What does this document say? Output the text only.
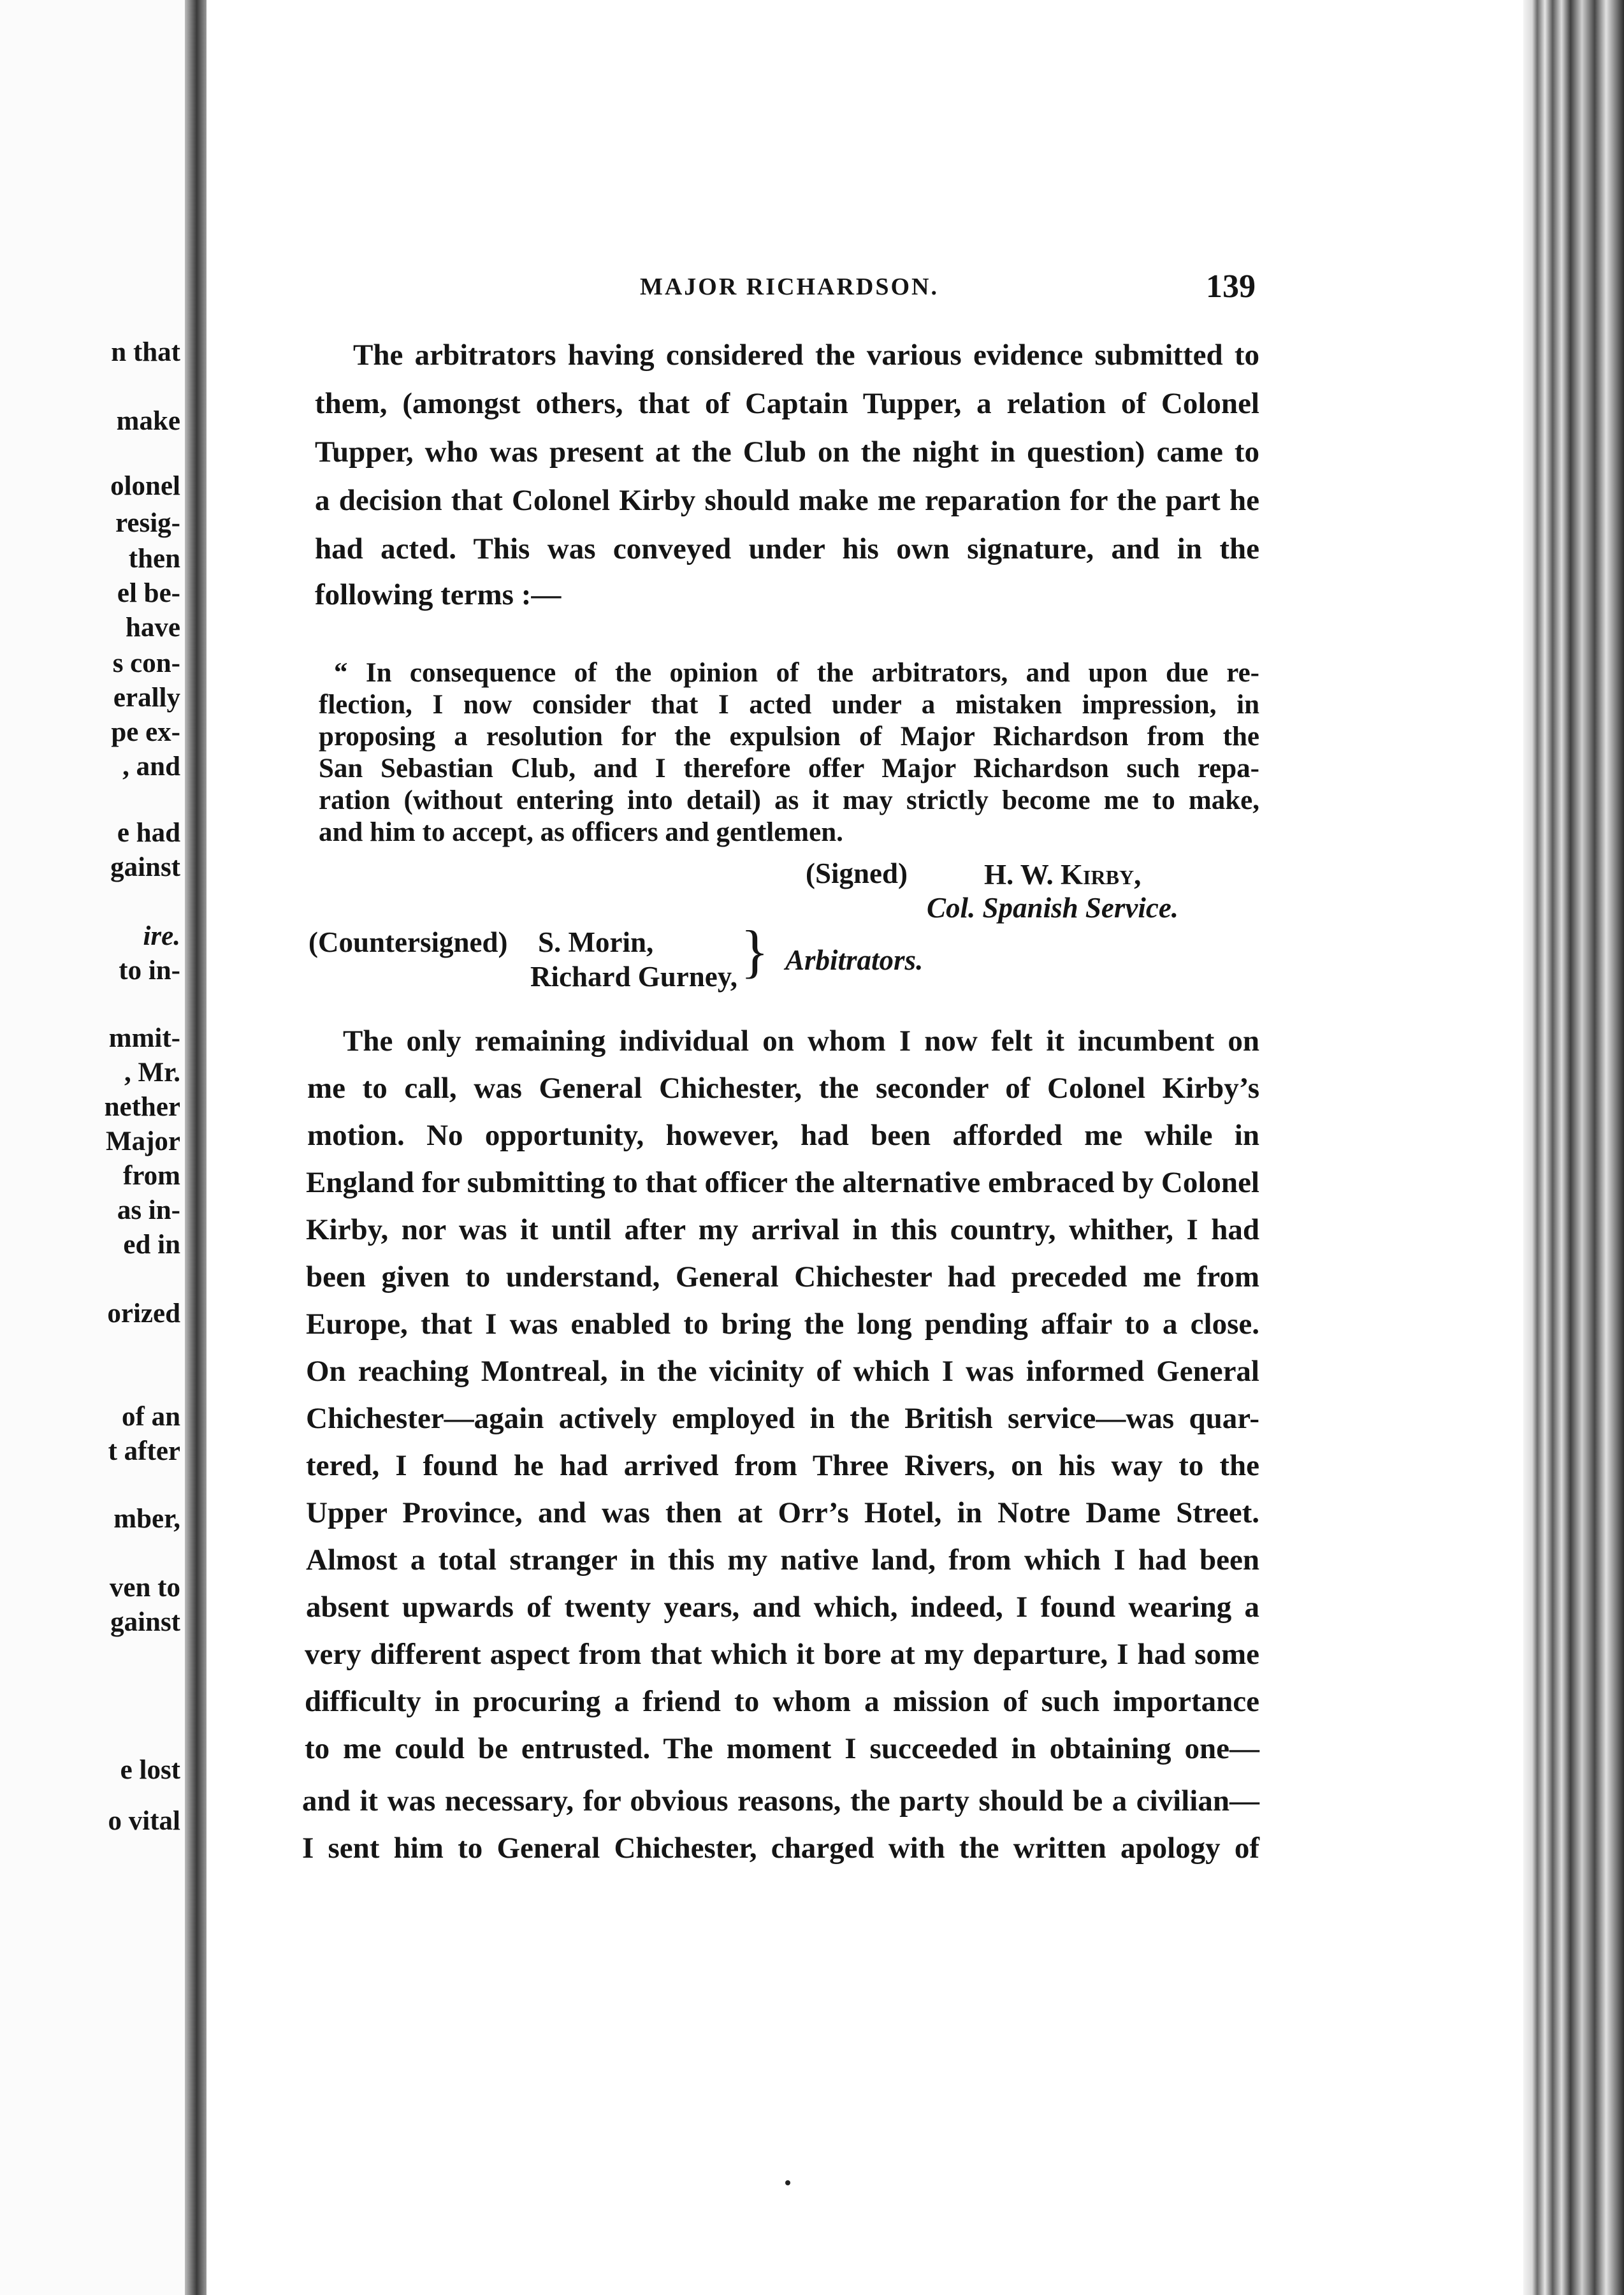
n that
make
olonel
resig-
then
el be-
have
s con-
erally
pe ex-
, and
e had
gainst
ire.
to in-
mmit-
, Mr.
nether
Major
from
as in-
ed in
orized
of an
t after
mber,
ven to
gainst
e lost
o vital
MAJOR RICHARDSON.	139
The arbitrators having considered the various evidence submitted to
them, (amongst others, that of Captain Tupper, a relation of Colonel
Tupper, who was present at the Club on the night in question) came to
a decision that Colonel Kirby should make me reparation for the part he
had acted. This was conveyed under his own signature, and in the
following terms :—
“ In consequence of the opinion of the arbitrators, and upon due re-
flection, I now consider that I acted under a mistaken impression, in
proposing a resolution for the expulsion of Major Richardson from the
San Sebastian Club, and I therefore offer Major Richardson such repa-
ration (without entering into detail) as it may strictly become me to make,
and him to accept, as officers and gentlemen.
(Signed)	H. W. Kirby,
Col. Spanish Service.
(Countersigned) S. Morin,
Richard Gurney, } Arbitrators.
The only remaining individual on whom I now felt it incumbent on
me to call, was General Chichester, the seconder of Colonel Kirby’s
motion. No opportunity, however, had been afforded me while in
England for submitting to that officer the alternative embraced by Colonel
Kirby, nor was it until after my arrival in this country, whither, I had
been given to understand, General Chichester had preceded me from
Europe, that I was enabled to bring the long pending affair to a close.
On reaching Montreal, in the vicinity of which I was informed General
Chichester—again actively employed in the British service—was quar-
tered, I found he had arrived from Three Rivers, on his way to the
Upper Province, and was then at Orr’s Hotel, in Notre Dame Street.
Almost a total stranger in this my native land, from which I had been
absent upwards of twenty years, and which, indeed, I found wearing a
very different aspect from that which it bore at my departure, I had some
difficulty in procuring a friend to whom a mission of such importance
to me could be entrusted. The moment I succeeded in obtaining one—
and it was necessary, for obvious reasons, the party should be a civilian—
I sent him to General Chichester, charged with the written apology of
